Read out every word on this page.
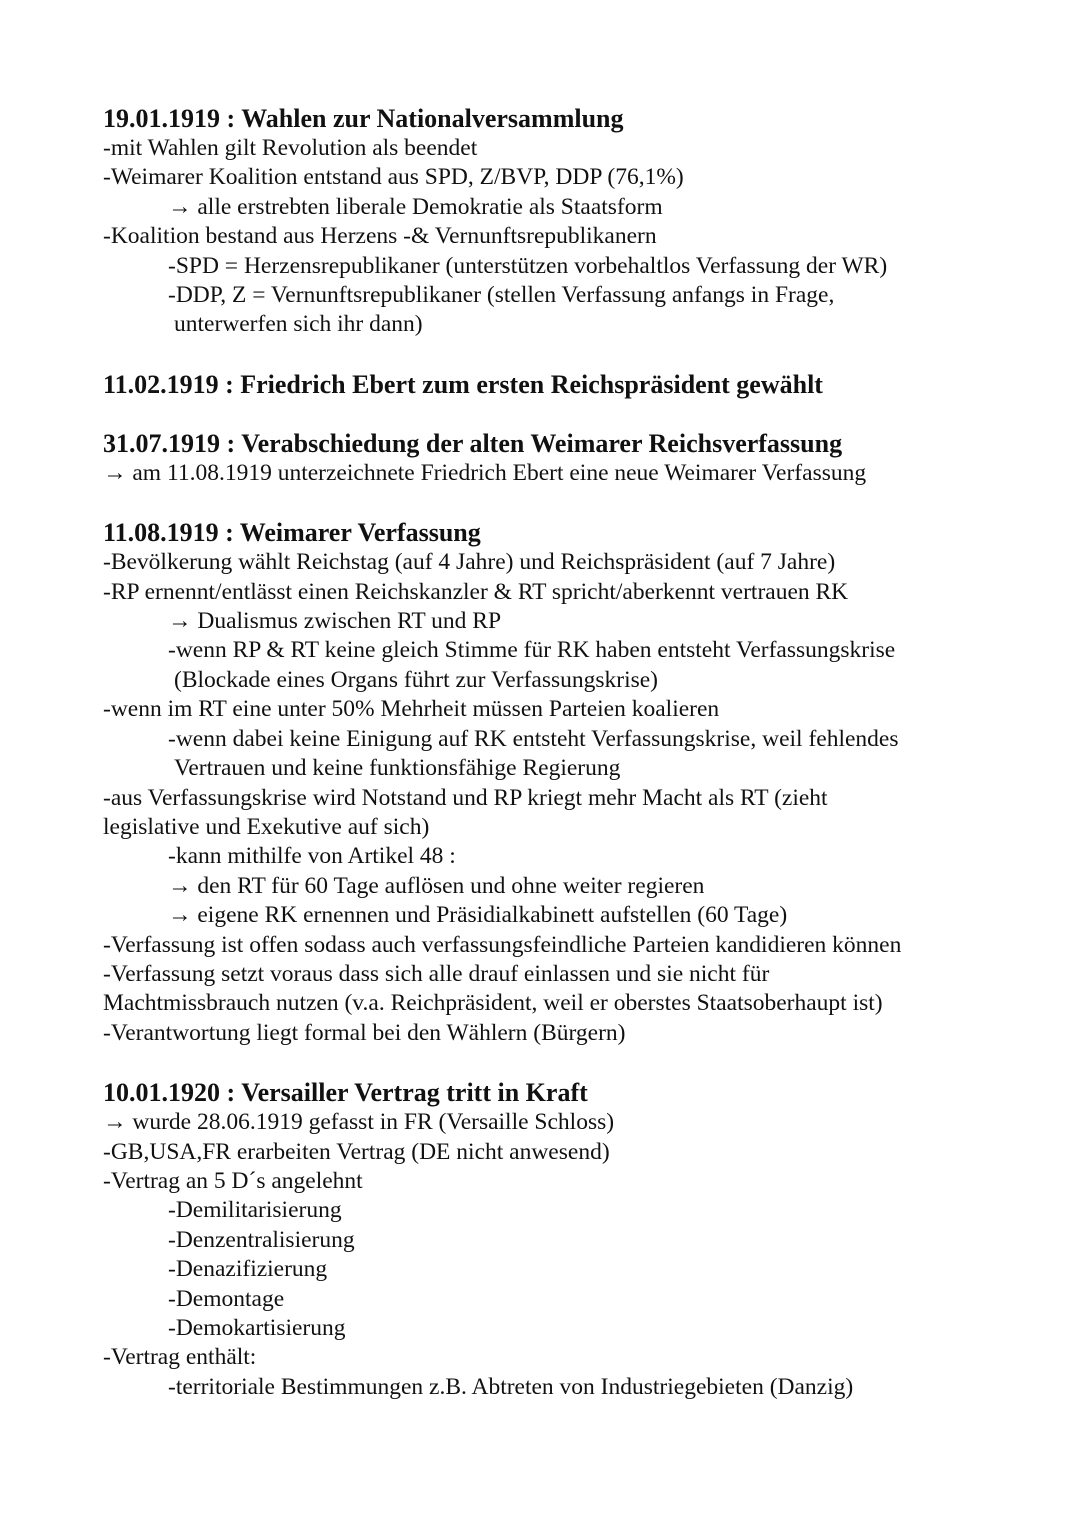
19.01.1919 : Wahlen zur Nationalversammlung
-mit Wahlen gilt Revolution als beendet
-Weimarer Koalition entstand aus SPD, Z/BVP, DDP (76,1%)
→ alle erstrebten liberale Demokratie als Staatsform
-Koalition bestand aus Herzens -& Vernunftsrepublikanern
-SPD = Herzensrepublikaner (unterstützen vorbehaltlos Verfassung der WR)
-DDP, Z = Vernunftsrepublikaner (stellen Verfassung anfangs in Frage,
unterwerfen sich ihr dann)
11.02.1919 : Friedrich Ebert zum ersten Reichspräsident gewählt
31.07.1919 : Verabschiedung der alten Weimarer Reichsverfassung
→ am 11.08.1919 unterzeichnete Friedrich Ebert eine neue Weimarer Verfassung
11.08.1919 : Weimarer Verfassung
-Bevölkerung wählt Reichstag (auf 4 Jahre) und Reichspräsident (auf 7 Jahre)
-RP ernennt/entlässt einen Reichskanzler & RT spricht/aberkennt vertrauen RK
→ Dualismus zwischen RT und RP
-wenn RP & RT keine gleich Stimme für RK haben entsteht Verfassungskrise
(Blockade eines Organs führt zur Verfassungskrise)
-wenn im RT eine unter 50% Mehrheit müssen Parteien koalieren
-wenn dabei keine Einigung auf RK entsteht Verfassungskrise, weil fehlendes
Vertrauen und keine funktionsfähige Regierung
-aus Verfassungskrise wird Notstand und RP kriegt mehr Macht als RT (zieht
legislative und Exekutive auf sich)
-kann mithilfe von Artikel 48 :
→ den RT für 60 Tage auflösen und ohne weiter regieren
→ eigene RK ernennen und Präsidialkabinett aufstellen (60 Tage)
-Verfassung ist offen sodass auch verfassungsfeindliche Parteien kandidieren können
-Verfassung setzt voraus dass sich alle drauf einlassen und sie nicht für
Machtmissbrauch nutzen (v.a. Reichpräsident, weil er oberstes Staatsoberhaupt ist)
-Verantwortung liegt formal bei den Wählern (Bürgern)
10.01.1920 : Versailler Vertrag tritt in Kraft
→ wurde 28.06.1919 gefasst in FR (Versaille Schloss)
-GB,USA,FR erarbeiten Vertrag (DE nicht anwesend)
-Vertrag an 5 D´s angelehnt
-Demilitarisierung
-Denzentralisierung
-Denazifizierung
-Demontage
-Demokartisierung
-Vertrag enthält:
-territoriale Bestimmungen z.B. Abtreten von Industriegebieten (Danzig)
